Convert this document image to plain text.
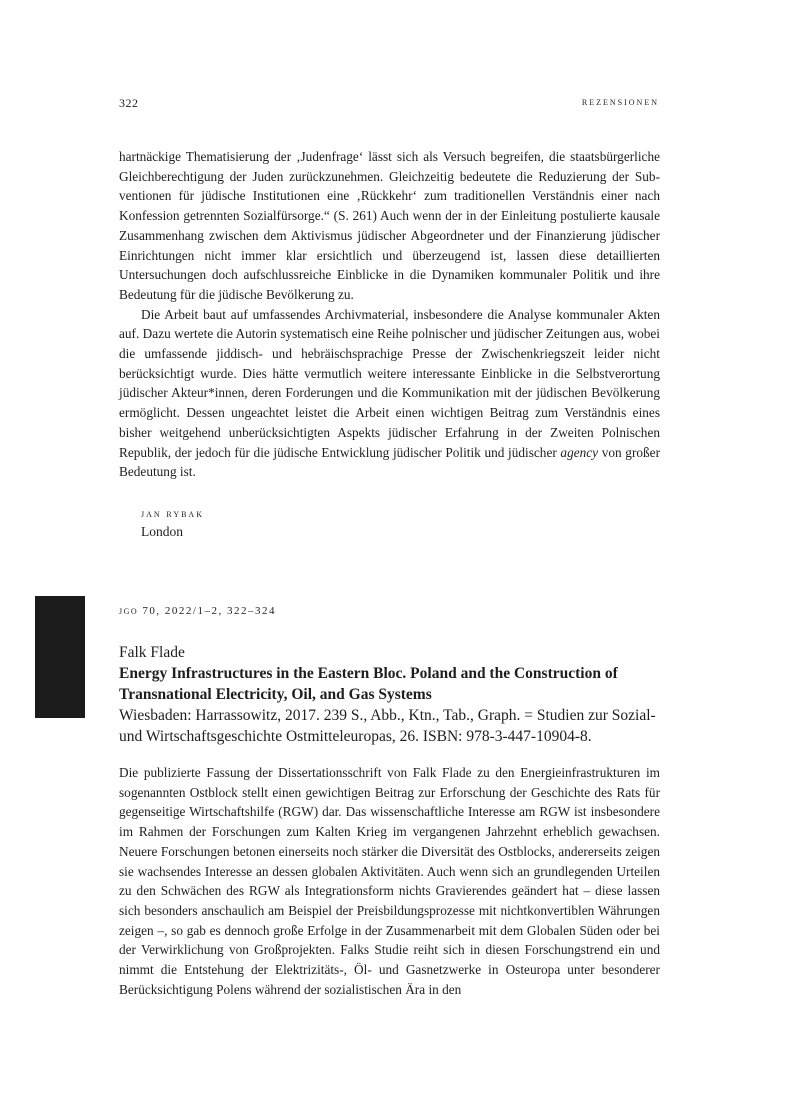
322	rezensionen

hartnäckige Thematisierung der ‚Judenfrage‘ lässt sich als Versuch begreifen, die staatsbürgerliche Gleichberechtigung der Juden zurückzunehmen. Gleichzeitig bedeutete die Reduzierung der Subventionen für jüdische Institutionen eine ‚Rückkehr‘ zum traditionellen Verständnis einer nach Konfession getrennten Sozialfürsorge.“ (S. 261) Auch wenn der in der Einleitung postulierte kausale Zusammenhang zwischen dem Aktivismus jüdischer Abgeordneter und der Finanzierung jüdischer Einrichtungen nicht immer klar ersichtlich und überzeugend ist, lassen diese detaillierten Untersuchungen doch aufschlussreiche Einblicke in die Dynamiken kommunaler Politik und ihre Bedeutung für die jüdische Bevölkerung zu.

Die Arbeit baut auf umfassendes Archivmaterial, insbesondere die Analyse kommunaler Akten auf. Dazu wertete die Autorin systematisch eine Reihe polnischer und jüdischer Zeitungen aus, wobei die umfassende jiddisch- und hebräischsprachige Presse der Zwischenkriegszeit leider nicht berücksichtigt wurde. Dies hätte vermutlich weitere interessante Einblicke in die Selbstverortung jüdischer Akteur*innen, deren Forderungen und die Kommunikation mit der jüdischen Bevölkerung ermöglicht. Dessen ungeachtet leistet die Arbeit einen wichtigen Beitrag zum Verständnis eines bisher weitgehend unberücksichtigten Aspekts jüdischer Erfahrung in der Zweiten Polnischen Republik, der jedoch für die jüdische Entwicklung jüdischer Politik und jüdischer agency von großer Bedeutung ist.

jan rybak
London
jgo 70, 2022/1–2, 322–324
Falk Flade
Energy Infrastructures in the Eastern Bloc. Poland and the Construction of
Transnational Electricity, Oil, and Gas Systems
Wiesbaden: Harrassowitz, 2017. 239 S., Abb., Ktn., Tab., Graph. = Studien zur Sozial- und Wirtschaftsgeschichte Ostmitteleuropas, 26. ISBN: 978-3-447-10904-8.

Die publizierte Fassung der Dissertationsschrift von Falk Flade zu den Energieinfrastrukturen im sogenannten Ostblock stellt einen gewichtigen Beitrag zur Erforschung der Geschichte des Rats für gegenseitige Wirtschaftshilfe (RGW) dar. Das wissenschaftliche Interesse am RGW ist insbesondere im Rahmen der Forschungen zum Kalten Krieg im vergangenen Jahrzehnt erheblich gewachsen. Neuere Forschungen betonen einerseits noch stärker die Diversität des Ostblocks, andererseits zeigen sie wachsendes Interesse an dessen globalen Aktivitäten. Auch wenn sich an grundlegenden Urteilen zu den Schwächen des RGW als Integrationsform nichts Gravierendes geändert hat – diese lassen sich besonders anschaulich am Beispiel der Preisbildungsprozesse mit nichtkonvertiblen Währungen zeigen –, so gab es dennoch große Erfolge in der Zusammenarbeit mit dem Globalen Süden oder bei der Verwirklichung von Großprojekten. Falks Studie reiht sich in diesen Forschungstrend ein und nimmt die Entstehung der Elektrizitäts-, Öl- und Gasnetzwerke in Osteuropa unter besonderer Berücksichtigung Polens während der sozialistischen Ära in den
